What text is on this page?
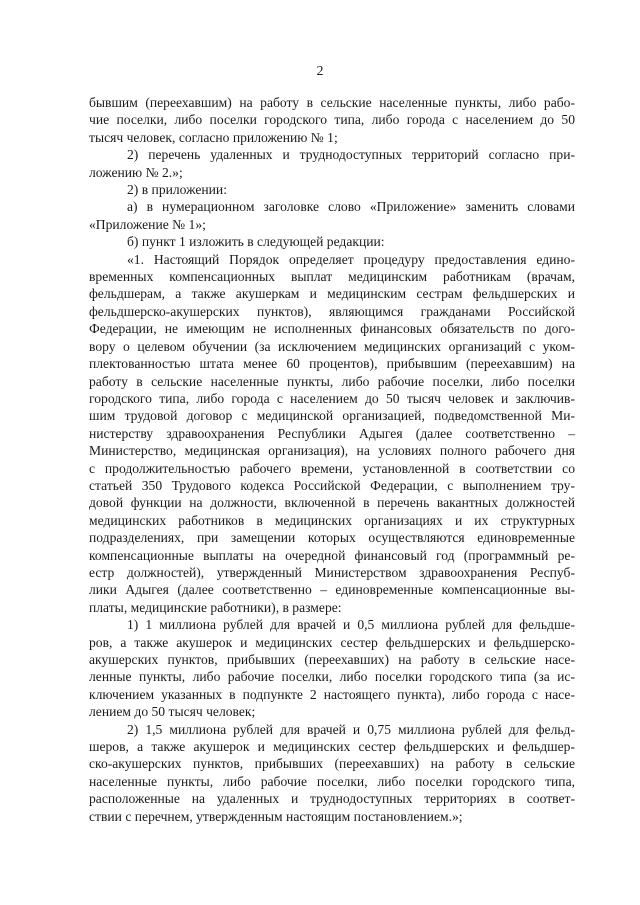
2
бывшим (переехавшим) на работу в сельские населенные пункты, либо рабо-
чие поселки, либо поселки городского типа, либо города с населением до 50
тысяч человек, согласно приложению № 1;
2) перечень удаленных и труднодоступных территорий согласно при-
ложению № 2.»;
2) в приложении:
а) в нумерационном заголовке слово «Приложение» заменить словами
«Приложение № 1»;
б) пункт 1 изложить в следующей редакции:
«1. Настоящий Порядок определяет процедуру предоставления едино-
временных компенсационных выплат медицинским работникам (врачам,
фельдшерам, а также акушеркам и медицинским сестрам фельдшерских и
фельдшерско-акушерских пунктов), являющимся гражданами Российской
Федерации, не имеющим не исполненных финансовых обязательств по дого-
вору о целевом обучении (за исключением медицинских организаций с уком-
плектованностью штата менее 60 процентов), прибывшим (переехавшим) на
работу в сельские населенные пункты, либо рабочие поселки, либо поселки
городского типа, либо города с населением до 50 тысяч человек и заключив-
шим трудовой договор с медицинской организацией, подведомственной Ми-
нистерству здравоохранения Республики Адыгея (далее соответственно –
Министерство, медицинская организация), на условиях полного рабочего дня
с продолжительностью рабочего времени, установленной в соответствии со
статьей 350 Трудового кодекса Российской Федерации, с выполнением тру-
довой функции на должности, включенной в перечень вакантных должностей
медицинских работников в медицинских организациях и их структурных
подразделениях, при замещении которых осуществляются единовременные
компенсационные выплаты на очередной финансовый год (программный ре-
естр должностей), утвержденный Министерством здравоохранения Респуб-
лики Адыгея (далее соответственно – единовременные компенсационные вы-
платы, медицинские работники), в размере:
1) 1 миллиона рублей для врачей и 0,5 миллиона рублей для фельдше-
ров, а также акушерок и медицинских сестер фельдшерских и фельдшерско-
акушерских пунктов, прибывших (переехавших) на работу в сельские насе-
ленные пункты, либо рабочие поселки, либо поселки городского типа (за ис-
ключением указанных в подпункте 2 настоящего пункта), либо города с насе-
лением до 50 тысяч человек;
2) 1,5 миллиона рублей для врачей и 0,75 миллиона рублей для фельд-
шеров, а также акушерок и медицинских сестер фельдшерских и фельдшер-
ско-акушерских пунктов, прибывших (переехавших) на работу в сельские
населенные пункты, либо рабочие поселки, либо поселки городского типа,
расположенные на удаленных и труднодоступных территориях в соответ-
ствии с перечнем, утвержденным настоящим постановлением.»;
